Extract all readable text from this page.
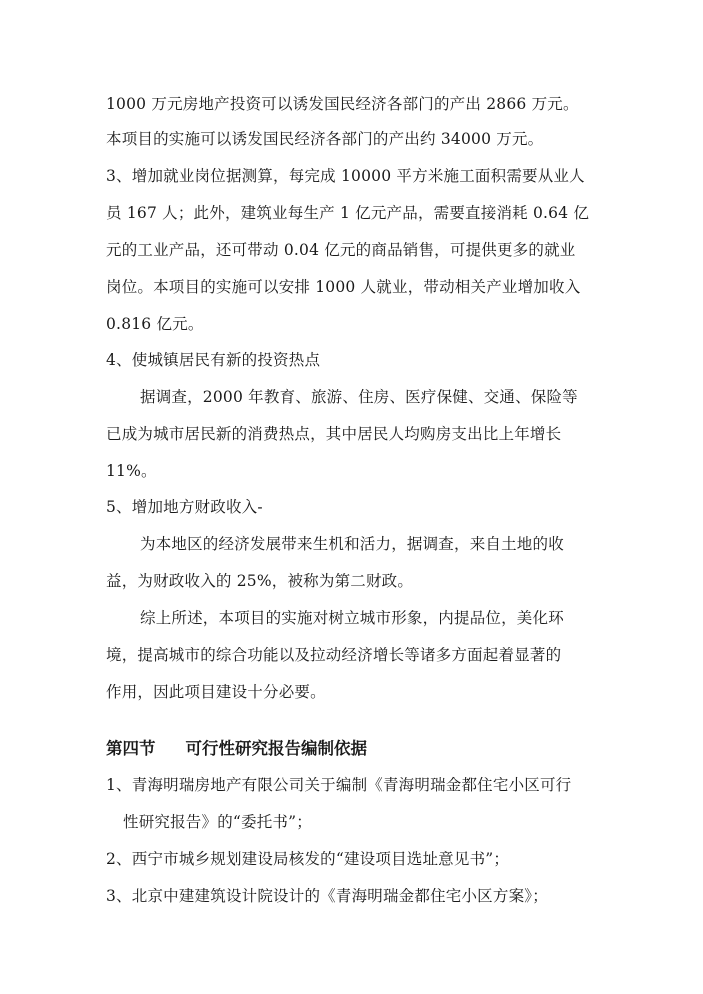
1000 万元房地产投资可以诱发国民经济各部门的产出 2866 万元。
本项目的实施可以诱发国民经济各部门的产出约 34000 万元。
3、增加就业岗位据测算，每完成 10000 平方米施工面积需要从业人
员 167 人；此外，建筑业每生产 1 亿元产品，需要直接消耗 0.64 亿
元的工业产品，还可带动 0.04 亿元的商品销售，可提供更多的就业
岗位。本项目的实施可以安排 1000 人就业，带动相关产业增加收入
0.816 亿元。
4、使城镇居民有新的投资热点
据调查，2000 年教育、旅游、住房、医疗保健、交通、保险等
已成为城市居民新的消费热点，其中居民人均购房支出比上年增长
11%。
5、增加地方财政收入-
为本地区的经济发展带来生机和活力，据调查，来自土地的收
益，为财政收入的 25%，被称为第二财政。
综上所述，本项目的实施对树立城市形象，内提品位，美化环
境，提高城市的综合功能以及拉动经济增长等诸多方面起着显著的
作用，因此项目建设十分必要。
第四节 可行性研究报告编制依据
1、青海明瑞房地产有限公司关于编制《青海明瑞金都住宅小区可行
性研究报告》的“委托书”；
2、西宁市城乡规划建设局核发的“建设项目选址意见书”；
3、北京中建建筑设计院设计的《青海明瑞金都住宅小区方案》；
